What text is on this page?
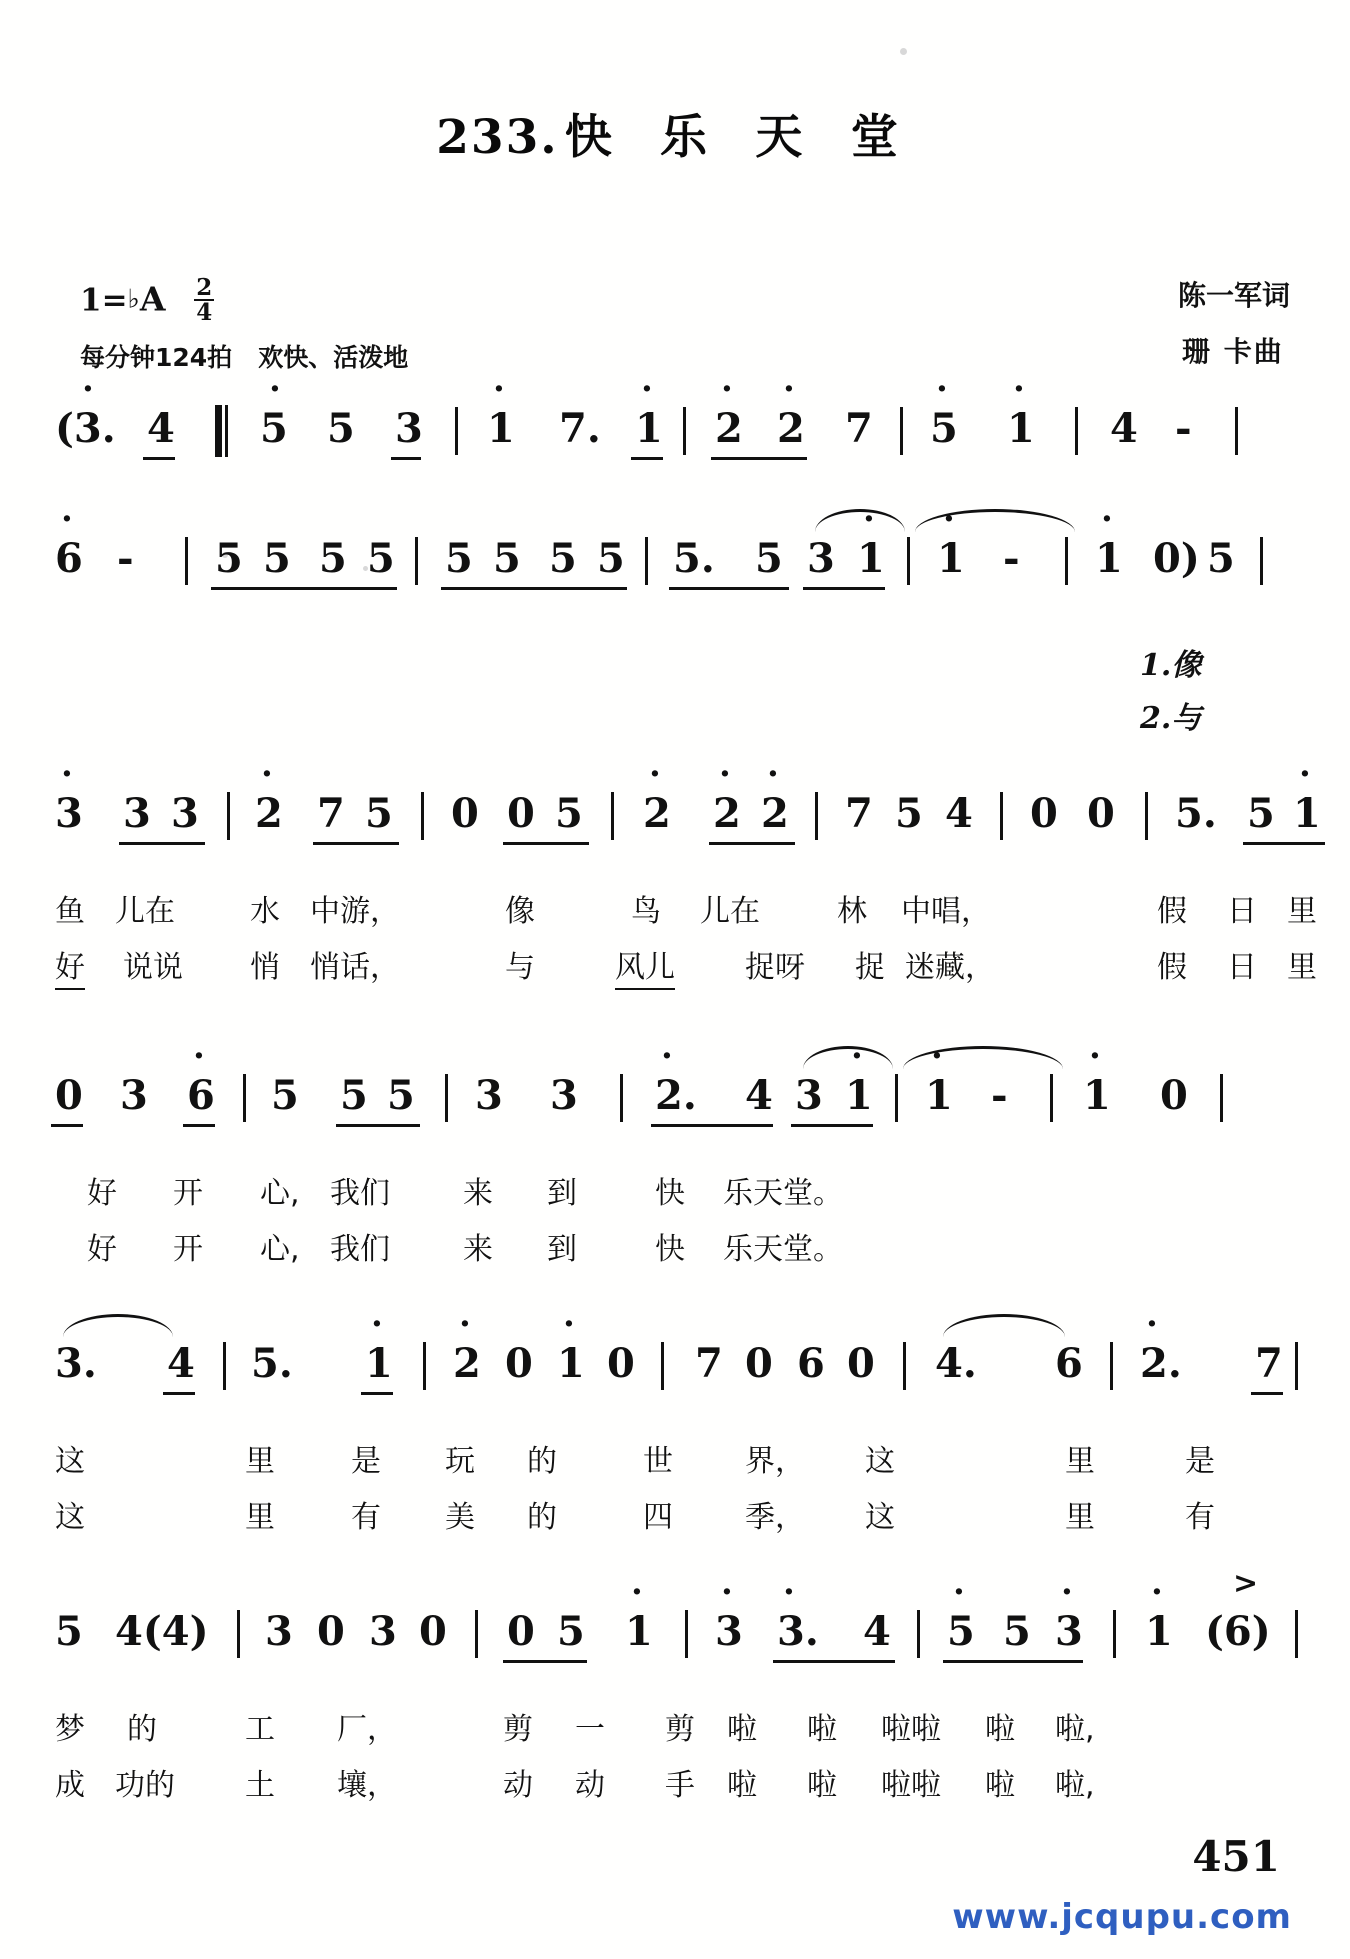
233. 快 乐 天 堂
1=♭A $\frac{2}{4}$
每分钟124拍 欢快、活泼地
陈一军词
珊 卡曲
(3. 4
·
5
·
5 3 1
·
7. 1
·
2
·
2
·
7 5
·
1
·
4 -
6
·
- 5 5 5 5 5 5 5 5 5. 5 3 1
·
1
·
- 1
·
0) 5
1.像
2.与
3
·
3 3 2
·
7 5 0 0 5 2
·
2
·
2
·
7 5 4 0 0 5. 5 1
·
鱼 儿在	水 中游，	像	鸟 儿在	林 中唱，	假 日 里
好 说说 悄 悄话，	与	风儿 捉呀 捉 迷藏，	假 日 里
0 3 6
·
5 5 5 3 3 2.
·
4 3 1
·
1
·
- 1
·
0
好 开 心, 我们 来 到	快 乐天堂。
好 开 心, 我们 来 到	快 乐天堂。
3. 4 5. 1
·
2
·
0 1
·
0 7 0 6 0 4. 6 2.
·
7
这	里	是 玩 的	世 界， 这	里	是
这	里	有 美 的	四 季， 这	里	有
5 4(4) 3 0 3 0 0 5 1
·
3
·
3.
·
4 5
·
5 3
·
1
·
(6)
>
梦 的	工 厂，	剪 一 剪 啦 啦 啦啦 啦 啦,
成 功的 土 壤，	动 动 手 啦 啦 啦啦 啦 啦,
451
www.jcqupu.com
